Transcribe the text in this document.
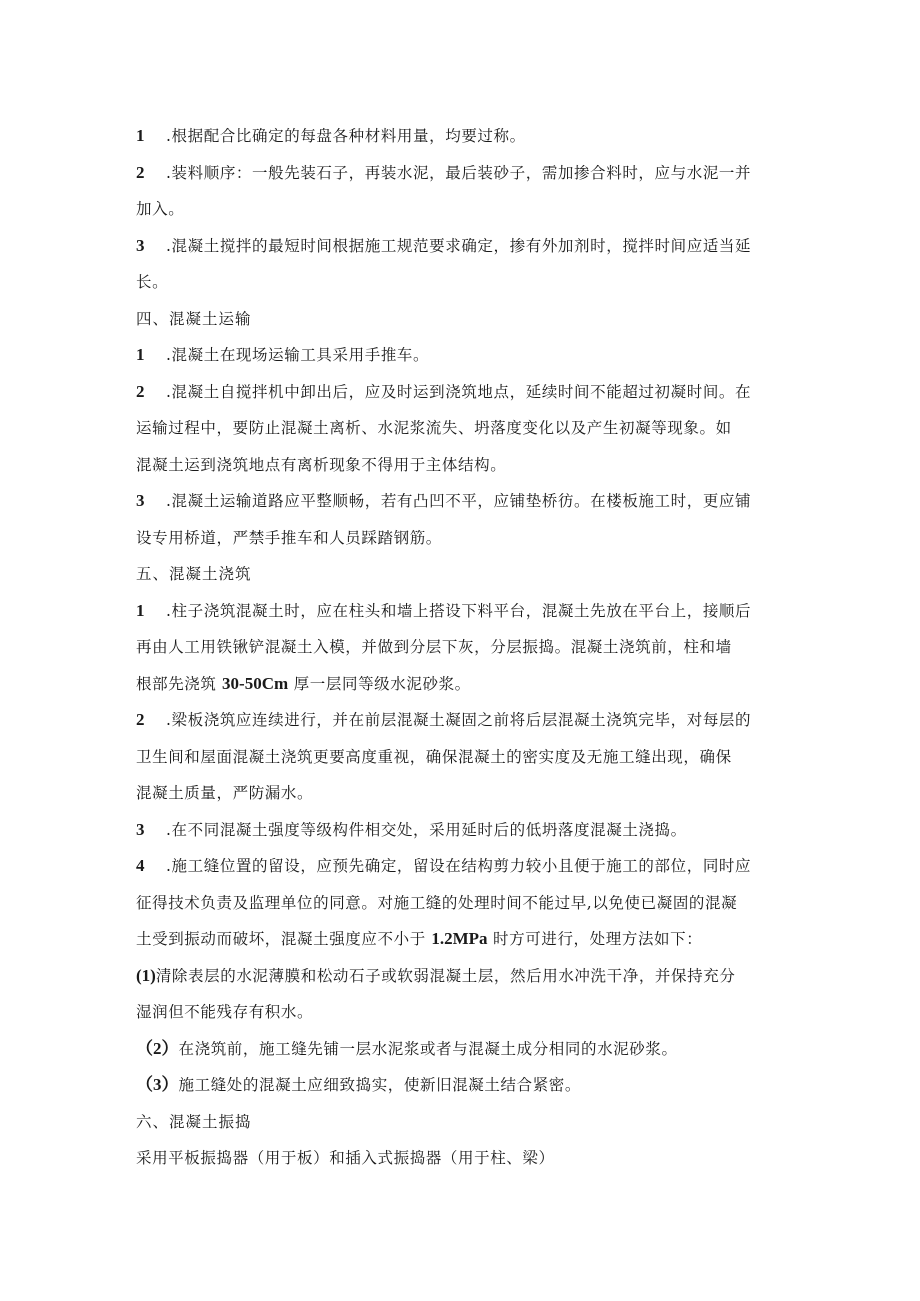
1 .根据配合比确定的每盘各种材料用量，均要过称。
2 .装料顺序：一般先装石子，再装水泥，最后装砂子，需加掺合料时，应与水泥一并
加入。
3 .混凝土搅拌的最短时间根据施工规范要求确定，掺有外加剂时，搅拌时间应适当延
长。
四、混凝土运输
1 .混凝土在现场运输工具采用手推车。
2 .混凝土自搅拌机中卸出后，应及时运到浇筑地点，延续时间不能超过初凝时间。在
运输过程中，要防止混凝土离析、水泥浆流失、坍落度变化以及产生初凝等现象。如
混凝土运到浇筑地点有离析现象不得用于主体结构。
3 .混凝土运输道路应平整顺畅，若有凸凹不平，应铺垫桥彷。在楼板施工时，更应铺
设专用桥道，严禁手推车和人员踩踏钢筋。
五、混凝土浇筑
1 .柱子浇筑混凝土时，应在柱头和墙上搭设下料平台，混凝土先放在平台上，接顺后
再由人工用铁锹铲混凝土入模，并做到分层下灰，分层振捣。混凝土浇筑前，柱和墙
根部先浇筑 30-50Cm 厚一层同等级水泥砂浆。
2 .梁板浇筑应连续进行，并在前层混凝土凝固之前将后层混凝土浇筑完毕，对每层的
卫生间和屋面混凝土浇筑更要高度重视，确保混凝土的密实度及无施工缝出现，确保
混凝土质量，严防漏水。
3 .在不同混凝土强度等级构件相交处，采用延时后的低坍落度混凝土浇捣。
4 .施工缝位置的留设，应预先确定，留设在结构剪力较小且便于施工的部位，同时应
征得技术负责及监理单位的同意。对施工缝的处理时间不能过早,以免使已凝固的混凝
土受到振动而破坏，混凝土强度应不小于 1.2MPa 时方可进行，处理方法如下：
(1)清除表层的水泥薄膜和松动石子或软弱混凝土层，然后用水冲洗干净，并保持充分
湿润但不能残存有积水。
（2）在浇筑前，施工缝先铺一层水泥浆或者与混凝土成分相同的水泥砂浆。
（3）施工缝处的混凝土应细致捣实，使新旧混凝土结合紧密。
六、混凝土振捣
采用平板振捣器（用于板）和插入式振捣器（用于柱、梁）
